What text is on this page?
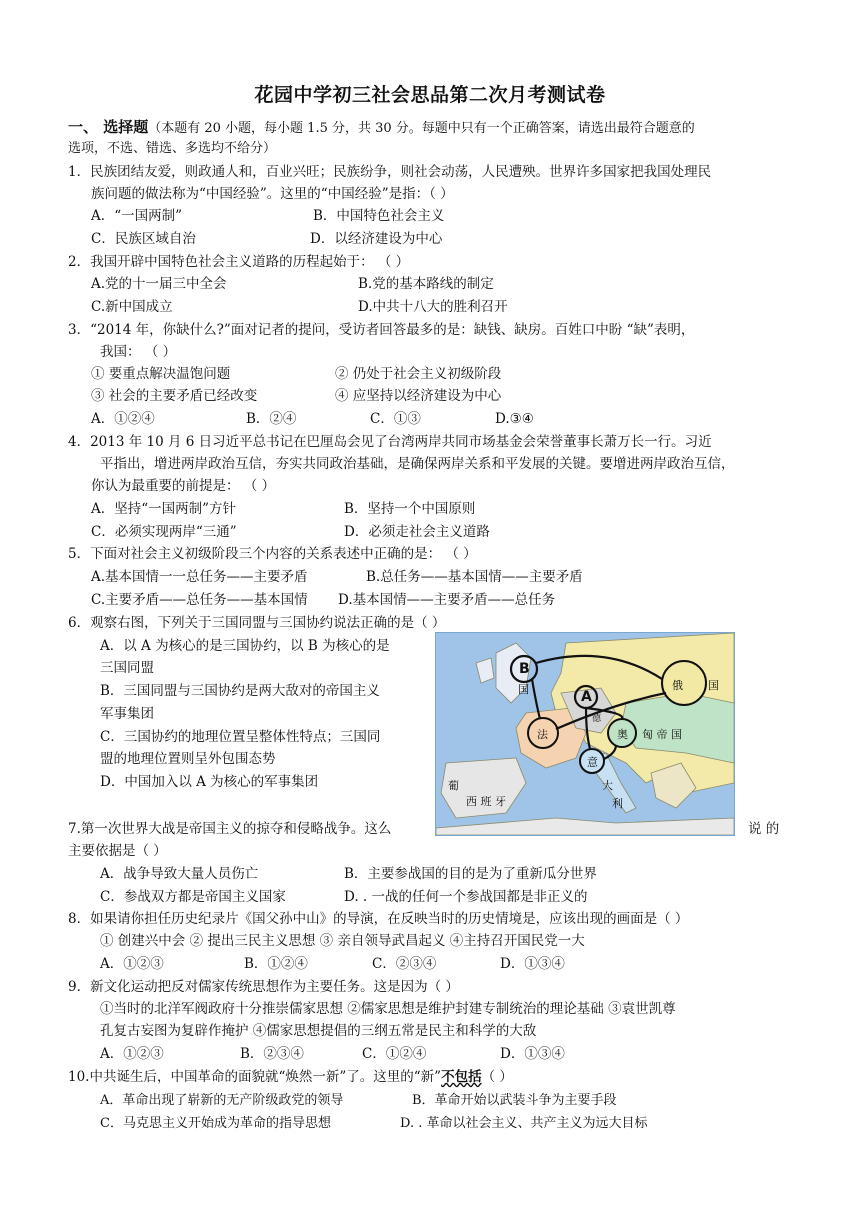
花园中学初三社会思品第二次月考测试卷
一、 选择题（本题有 20 小题，每小题 1.5 分，共 30 分。每题中只有一个正确答案，请选出最符合题意的
选项，不选、错选、多选均不给分）
1．民族团结友爱，则政通人和，百业兴旺；民族纷争，则社会动荡，人民遭殃。世界许多国家把我国处理民
族问题的做法称为“中国经验”。这里的“中国经验”是指：（ ）
A．“一国两制”	B．中国特色社会主义
C．民族区域自治	D．以经济建设为中心
2．我国开辟中国特色社会主义道路的历程起始于： （ ）
A.党的十一届三中全会	B.党的基本路线的制定
C.新中国成立	D.中共十八大的胜利召开
3．“2014 年，你缺什么?”面对记者的提问，受访者回答最多的是：缺钱、缺房。百姓口中盼 “缺”表明，
我国： （ ）
① 要重点解决温饱问题	② 仍处于社会主义初级阶段
③ 社会的主要矛盾已经改变	④ 应坚持以经济建设为中心
A．①②④	B．②④	C．①③	D.③④
4．2013 年 10 月 6 日习近平总书记在巴厘岛会见了台湾两岸共同市场基金会荣誉董事长萧万长一行。习近
平指出，增进两岸政治互信，夯实共同政治基础，是确保两岸关系和平发展的关键。要增进两岸政治互信，
你认为最重要的前提是： （ ）
A．坚持“一国两制”方针	B．坚持一个中国原则
C．必须实现两岸“三通”	D．必须走社会主义道路
5．下面对社会主义初级阶段三个内容的关系表述中正确的是： （ ）
A.基本国情一一总任务——主要矛盾	B.总任务——基本国情——主要矛盾
C.主要矛盾——总任务——基本国情 D.基本国情——主要矛盾——总任务
6．观察右图，下列关于三国同盟与三国协约说法正确的是（ ）
A．以 A 为核心的是三国协约，以 B 为核心的是
三国同盟
B．三国同盟与三国协约是两大敌对的帝国主义
军事集团
C．三国协约的地理位置呈整体性特点；三国同
盟的地理位置则呈外包围态势
D．中国加入以 A 为核心的军事集团
B
A
国	俄 国
法	奥 匈 帝 国
意
大
利
葡
西 班 牙
德
7.第一次世界大战是帝国主义的掠夺和侵略战争。这么	说 的
主要依据是（ ）
A．战争导致大量人员伤亡	B．主要参战国的目的是为了重新瓜分世界
C．参战双方都是帝国主义国家	D. . 一战的任何一个参战国都是非正义的
8．如果请你担任历史纪录片《国父孙中山》的导演，在反映当时的历史情境是，应该出现的画面是（ ）
① 创建兴中会 ② 提出三民主义思想 ③ 亲自领导武昌起义 ④主持召开国民党一大
A．①②③	B．①②④	C．②③④	D．①③④
9．新文化运动把反对儒家传统思想作为主要任务。这是因为（ ）
①当时的北洋军阀政府十分推崇儒家思想 ②儒家思想是维护封建专制统治的理论基础 ③袁世凯尊
孔复古妄图为复辟作掩护 ④儒家思想提倡的三纲五常是民主和科学的大敌
A．①②③	B．②③④	C．①②④	D．①③④
10.中共诞生后，中国革命的面貌就“焕然一新”了。这里的“新”不包括（ ）
A．革命出现了崭新的无产阶级政党的领导	B．革命开始以武装斗争为主要手段
C．马克思主义开始成为革命的指导思想	D. . 革命以社会主义、共产主义为远大目标
